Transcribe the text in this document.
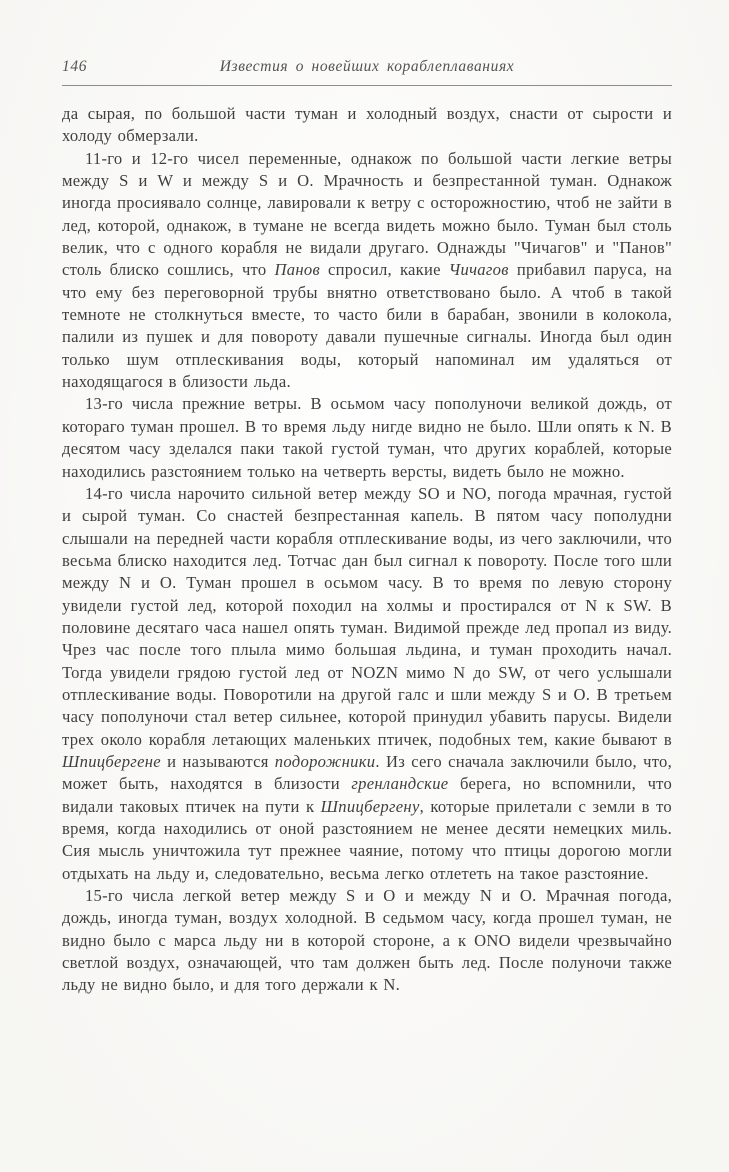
146	Известия о новейших кораблеплаваниях

да сырая, по большой части туман и холодный воздух, снасти от сырости и холоду обмерзали.

11-го и 12-го чисел переменные, однакож по большой части легкие ветры между S и W и между S и О. Мрачность и безпрестанной туман. Однакож иногда просиявало солнце, лавировали к ветру с осторожностию, чтоб не зайти в лед, которой, однакож, в тумане не всегда видеть можно было. Туман был столь велик, что с одного корабля не видали другаго. Однажды "Чичагов" и "Панов" столь блиско сошлись, что Панов спросил, какие Чичагов прибавил паруса, на что ему без переговорной трубы внятно ответствовано было. А чтоб в такой темноте не столкнуться вместе, то часто били в барабан, звонили в колокола, палили из пушек и для повороту давали пушечные сигналы. Иногда был один только шум отплескивания воды, который напоминал им удаляться от находящагося в близости льда.

13-го числа прежние ветры. В осьмом часу пополуночи великой дождь, от котораго туман прошел. В то время льду нигде видно не было. Шли опять к N. В десятом часу зделался паки такой густой туман, что других кораблей, которые находились разстоянием только на четверть версты, видеть было не можно.

14-го числа нарочито сильной ветер между SO и NO, погода мрачная, густой и сырой туман. Со снастей безпрестанная капель. В пятом часу пополудни слышали на передней части корабля отплескивание воды, из чего заключили, что весьма блиско находится лед. Тотчас дан был сигнал к повороту. После того шли между N и О. Туман прошел в осьмом часу. В то время по левую сторону увидели густой лед, которой походил на холмы и простирался от N к SW. В половине десятаго часа нашел опять туман. Видимой прежде лед пропал из виду. Чрез час после того плыла мимо большая льдина, и туман проходить начал. Тогда увидели грядою густой лед от NOZN мимо N до SW, от чего услышали отплескивание воды. Поворотили на другой галс и шли между S и О. В третьем часу пополуночи стал ветер сильнее, которой принудил убавить парусы. Видели трех около корабля летающих маленьких птичек, подобных тем, какие бывают в Шпицбергене и называются подорожники. Из сего сначала заключили было, что, может быть, находятся в близости гренландские берега, но вспомнили, что видали таковых птичек на пути к Шпицбергену, которые прилетали с земли в то время, когда находились от оной разстоянием не менее десяти немецких миль. Сия мысль уничтожила тут прежнее чаяние, потому что птицы дорогою могли отдыхать на льду и, следовательно, весьма легко отлететь на такое разстояние.

15-го числа легкой ветер между S и О и между N и О. Мрачная погода, дождь, иногда туман, воздух холодной. В седьмом часу, когда прошел туман, не видно было с марса льду ни в которой стороне, а к ONO видели чрезвычайно светлой воздух, означающей, что там должен быть лед. После полуночи также льду не видно было, и для того держали к N.
